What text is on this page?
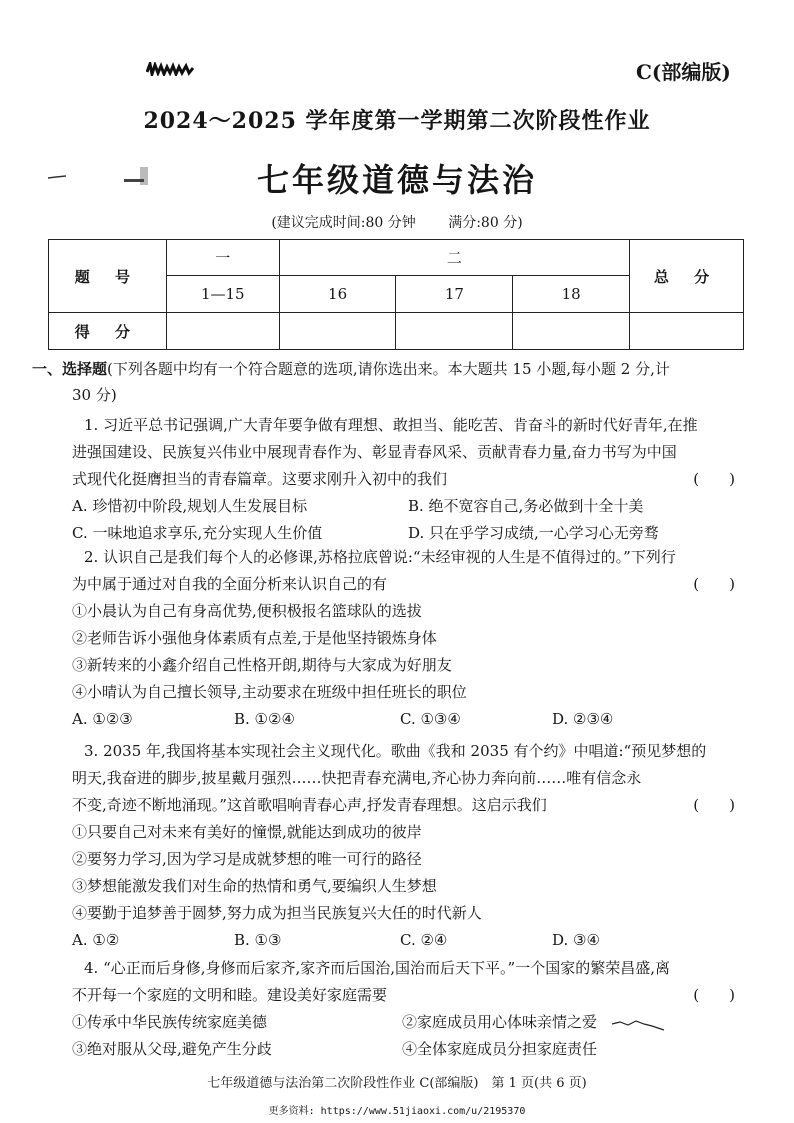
C(部编版)
2024～2025 学年度第一学期第二次阶段性作业
七年级道德与法治
(建议完成时间:80 分钟 满分:80 分)
题 号	一	二			总 分
	1—15	16	17	18	
得 分					
一、选择题(下列各题中均有一个符合题意的选项,请你选出来。本大题共 15 小题,每小题 2 分,计
30 分)
1. 习近平总书记强调,广大青年要争做有理想、敢担当、能吃苦、肯奋斗的新时代好青年,在推
进强国建设、民族复兴伟业中展现青春作为、彰显青春风采、贡献青春力量,奋力书写为中国
式现代化挺膺担当的青春篇章。这要求刚升入初中的我们	(　　)
A. 珍惜初中阶段,规划人生发展目标	B. 绝不宽容自己,务必做到十全十美
C. 一味地追求享乐,充分实现人生价值	D. 只在乎学习成绩,一心学习心无旁骛
2. 认识自己是我们每个人的必修课,苏格拉底曾说:“未经审视的人生是不值得过的。”下列行
为中属于通过对自我的全面分析来认识自己的有	(　　)
①小晨认为自己有身高优势,便积极报名篮球队的选拔
②老师告诉小强他身体素质有点差,于是他坚持锻炼身体
③新转来的小鑫介绍自己性格开朗,期待与大家成为好朋友
④小晴认为自己擅长领导,主动要求在班级中担任班长的职位
A. ①②③	B. ①②④	C. ①③④	D. ②③④
3. 2035 年,我国将基本实现社会主义现代化。歌曲《我和 2035 有个约》中唱道:“预见梦想的
明天,我奋进的脚步,披星戴月强烈……快把青春充满电,齐心协力奔向前……唯有信念永
不变,奇迹不断地涌现。”这首歌唱响青春心声,抒发青春理想。这启示我们	(　　)
①只要自己对未来有美好的憧憬,就能达到成功的彼岸
②要努力学习,因为学习是成就梦想的唯一可行的路径
③梦想能激发我们对生命的热情和勇气,要编织人生梦想
④要勤于追梦善于圆梦,努力成为担当民族复兴大任的时代新人
A. ①②	B. ①③	C. ②④	D. ③④
4. “心正而后身修,身修而后家齐,家齐而后国治,国治而后天下平。”一个国家的繁荣昌盛,离
不开每一个家庭的文明和睦。建设美好家庭需要	(　　)
①传承中华民族传统家庭美德	②家庭成员用心体味亲情之爱
③绝对服从父母,避免产生分歧	④全体家庭成员分担家庭责任
七年级道德与法治第二次阶段性作业 C(部编版)　第 1 页(共 6 页)
更多资料: https://www.51jiaoxi.com/u/2195370
